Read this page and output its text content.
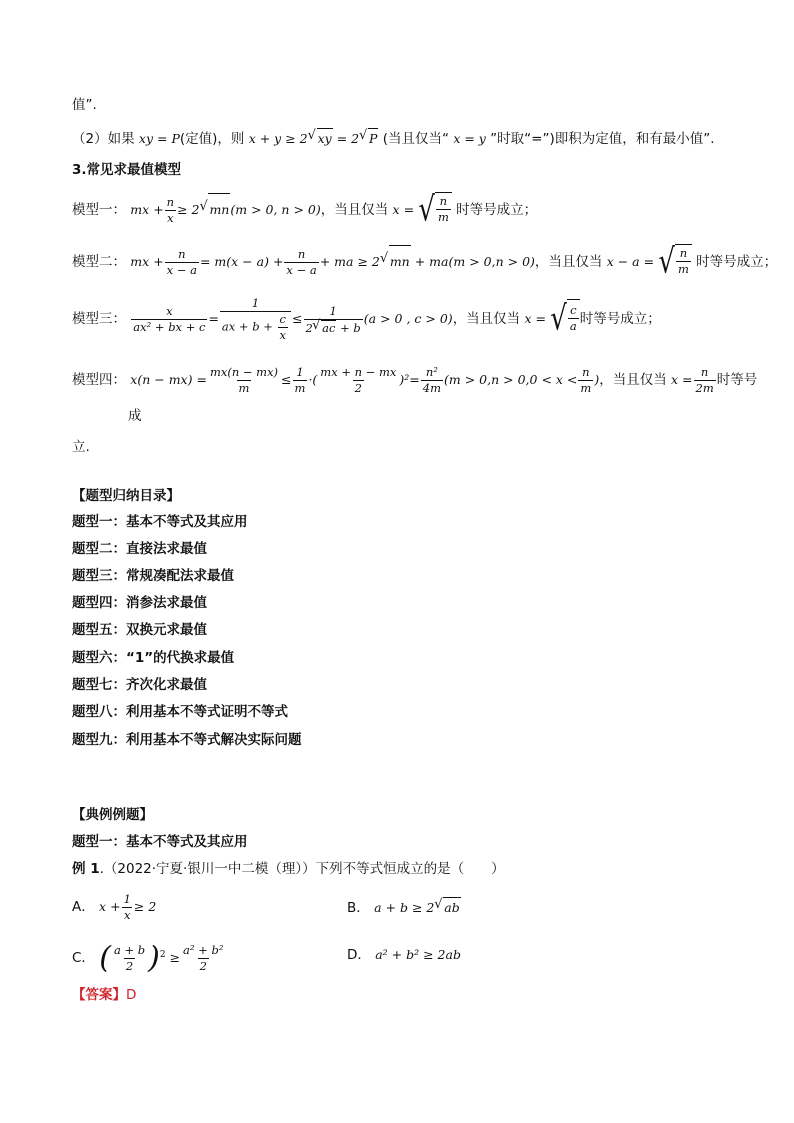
值”.
（2）如果 xy = P(定值)，则 x + y ≥ 2  √ xy = 2  √ P (当且仅当“ x = y ”时取“=”)即积为定值，和有最小值”.
3.常见求最值模型
模型一： mx + $\frac{n}{x} \ge 2$  √ mn(m > 0, n > 0)，当且仅当 x = √ $\frac{n}{m}$ 时等号成立；
模型二： mx + $\frac{n}{x - a} = m(x - a) + \frac{n}{x - a}$ + ma ≥ 2  √ mn + ma(m > 0,n > 0)，当且仅当 x − a = √ $\frac{n}{m}$ 时等号成立；
模型三： $\frac{x}{\text{ax² + bx + c}} = \frac{1}{ax + b + \frac{c}{x}} \le \frac{1}{2 √ ac + b} (a > 0$ , c > 0)，当且仅当 x = √ $\frac{c}{a}$ 时等号成立；
模型四： $x(n - mx) = \frac{mx(n - mx)}{m} \le \frac{1}{m}$ ·( $\frac{mx + n - mx}{2} )^2= \frac{\text{n²}}{4m} (m > 0,n > 0,0 < x < \frac{n}{m}$ )，当且仅当 $x = \frac{n}{2m}$ 时等号
成
立.
【题型归纳目录】
题型一：基本不等式及其应用
题型二：直接法求最值
题型三：常规凑配法求最值
题型四：消参法求最值
题型五：双换元求最值
题型六：“1”的代换求最值
题型七：齐次化求最值
题型八：利用基本不等式证明不等式
题型九：利用基本不等式解决实际问题
【典例例题】
题型一：基本不等式及其应用
例 1.（2022·宁夏·银川一中二模（理））下列不等式恒成立的是（　　）
A． $x + \frac{1}{x} \ge 2$	B． a + b ≥ 2  √ ab
C． ( $\frac{a + b}{2} )^2 \ge \frac{\text{a² + b²}}{2}$	D． a² + b² ≥ 2ab
【答案】D
